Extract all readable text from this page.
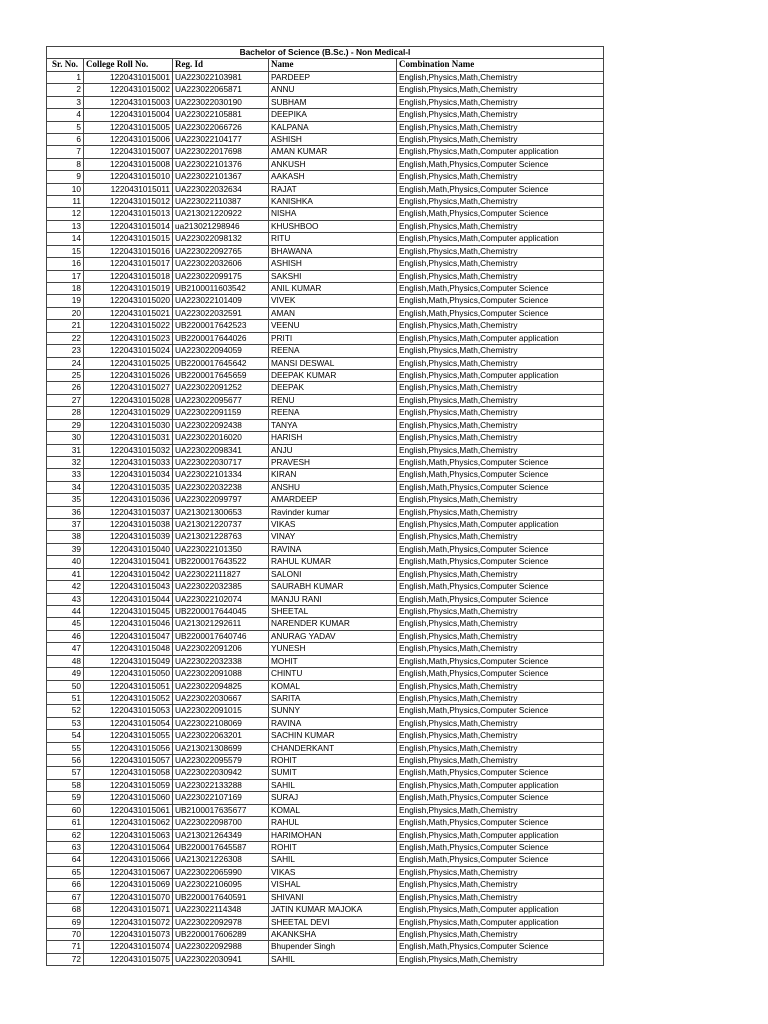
Bachelor of Science (B.Sc.) - Non Medical-I				
Sr. No.	College Roll No.	Reg. Id	Name	Combination Name
1	1220431015001	UA223022103981	PARDEEP	English,Physics,Math,Chemistry
2	1220431015002	UA223022065871	ANNU	English,Physics,Math,Chemistry
3	1220431015003	UA223022030190	SUBHAM	English,Physics,Math,Chemistry
4	1220431015004	UA223022105881	DEEPIKA	English,Physics,Math,Chemistry
5	1220431015005	UA223022066726	KALPANA	English,Physics,Math,Chemistry
6	1220431015006	UA223022104177	ASHISH	English,Physics,Math,Chemistry
7	1220431015007	UA223022017698	AMAN KUMAR	English,Physics,Math,Computer application
8	1220431015008	UA223022101376	ANKUSH	English,Math,Physics,Computer Science
9	1220431015010	UA223022101367	AAKASH	English,Physics,Math,Chemistry
10	1220431015011	UA223022032634	RAJAT	English,Math,Physics,Computer Science
11	1220431015012	UA223022110387	KANISHKA	English,Physics,Math,Chemistry
12	1220431015013	UA213021220922	NISHA	English,Math,Physics,Computer Science
13	1220431015014	ua213021298946	KHUSHBOO	English,Physics,Math,Chemistry
14	1220431015015	UA223022098132	RITU	English,Physics,Math,Computer application
15	1220431015016	UA223022092765	BHAWANA	English,Physics,Math,Chemistry
16	1220431015017	UA223022032606	ASHISH	English,Physics,Math,Chemistry
17	1220431015018	UA223022099175	SAKSHI	English,Physics,Math,Chemistry
18	1220431015019	UB2100011603542	ANIL KUMAR	English,Math,Physics,Computer Science
19	1220431015020	UA223022101409	VIVEK	English,Math,Physics,Computer Science
20	1220431015021	UA223022032591	AMAN	English,Math,Physics,Computer Science
21	1220431015022	UB2200017642523	VEENU	English,Physics,Math,Chemistry
22	1220431015023	UB2200017644026	PRITI	English,Physics,Math,Computer application
23	1220431015024	UA223022094059	REENA	English,Physics,Math,Chemistry
24	1220431015025	UB2200017645642	MANSI DESWAL	English,Physics,Math,Chemistry
25	1220431015026	UB2200017645659	DEEPAK KUMAR	English,Physics,Math,Computer application
26	1220431015027	UA223022091252	DEEPAK	English,Physics,Math,Chemistry
27	1220431015028	UA223022095677	RENU	English,Physics,Math,Chemistry
28	1220431015029	UA223022091159	REENA	English,Physics,Math,Chemistry
29	1220431015030	UA223022092438	TANYA	English,Physics,Math,Chemistry
30	1220431015031	UA223022016020	HARISH	English,Physics,Math,Chemistry
31	1220431015032	UA223022098341	ANJU	English,Physics,Math,Chemistry
32	1220431015033	UA223022030717	PRAVESH	English,Math,Physics,Computer Science
33	1220431015034	UA223022101334	KIRAN	English,Math,Physics,Computer Science
34	1220431015035	UA223022032238	ANSHU	English,Math,Physics,Computer Science
35	1220431015036	UA223022099797	AMARDEEP	English,Physics,Math,Chemistry
36	1220431015037	UA213021300653	Ravinder kumar	English,Physics,Math,Chemistry
37	1220431015038	UA213021220737	VIKAS	English,Physics,Math,Computer application
38	1220431015039	UA213021228763	VINAY	English,Physics,Math,Chemistry
39	1220431015040	UA223022101350	RAVINA	English,Math,Physics,Computer Science
40	1220431015041	UB2200017643522	RAHUL KUMAR	English,Math,Physics,Computer Science
41	1220431015042	UA223022111827	SALONI	English,Physics,Math,Chemistry
42	1220431015043	UA223022032385	SAURABH KUMAR	English,Math,Physics,Computer Science
43	1220431015044	UA223022102074	MANJU RANI	English,Math,Physics,Computer Science
44	1220431015045	UB2200017644045	SHEETAL	English,Physics,Math,Chemistry
45	1220431015046	UA213021292611	NARENDER KUMAR	English,Physics,Math,Chemistry
46	1220431015047	UB2200017640746	ANURAG YADAV	English,Physics,Math,Chemistry
47	1220431015048	UA223022091206	YUNESH	English,Physics,Math,Chemistry
48	1220431015049	UA223022032338	MOHIT	English,Math,Physics,Computer Science
49	1220431015050	UA223022091088	CHINTU	English,Math,Physics,Computer Science
50	1220431015051	UA223022094825	KOMAL	English,Physics,Math,Chemistry
51	1220431015052	UA223022030667	SARITA	English,Physics,Math,Chemistry
52	1220431015053	UA223022091015	SUNNY	English,Math,Physics,Computer Science
53	1220431015054	UA223022108069	RAVINA	English,Physics,Math,Chemistry
54	1220431015055	UA223022063201	SACHIN KUMAR	English,Physics,Math,Chemistry
55	1220431015056	UA213021308699	CHANDERKANT	English,Physics,Math,Chemistry
56	1220431015057	UA223022095579	ROHIT	English,Physics,Math,Chemistry
57	1220431015058	UA223022030942	SUMIT	English,Math,Physics,Computer Science
58	1220431015059	UA223022133288	SAHIL	English,Physics,Math,Computer application
59	1220431015060	UA223022107169	SURAJ	English,Math,Physics,Computer Science
60	1220431015061	UB2100017635677	KOMAL	English,Physics,Math,Chemistry
61	1220431015062	UA223022098700	RAHUL	English,Math,Physics,Computer Science
62	1220431015063	UA213021264349	HARIMOHAN	English,Physics,Math,Computer application
63	1220431015064	UB2200017645587	ROHIT	English,Math,Physics,Computer Science
64	1220431015066	UA213021226308	SAHIL	English,Math,Physics,Computer Science
65	1220431015067	UA223022065990	VIKAS	English,Physics,Math,Chemistry
66	1220431015069	UA223022106095	VISHAL	English,Physics,Math,Chemistry
67	1220431015070	UB2200017640591	SHIVANI	English,Physics,Math,Chemistry
68	1220431015071	UA223022114348	JATIN KUMAR MAJOKA	English,Physics,Math,Computer application
69	1220431015072	UA223022092978	SHEETAL DEVI	English,Physics,Math,Computer application
70	1220431015073	UB2200017606289	AKANKSHA	English,Physics,Math,Chemistry
71	1220431015074	UA223022092988	Bhupender Singh	English,Math,Physics,Computer Science
72	1220431015075	UA223022030941	SAHIL	English,Physics,Math,Chemistry
